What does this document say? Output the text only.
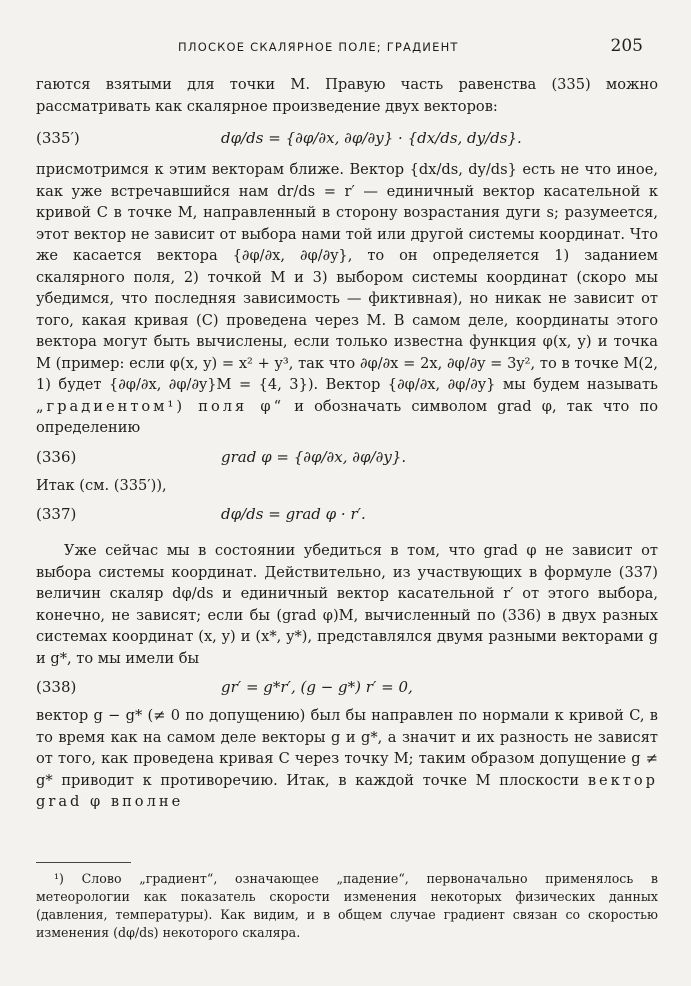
ПЛОСКОЕ СКАЛЯРНОЕ ПОЛЕ; ГРАДИЕНТ	205

гаются взятыми для точки M. Правую часть равенства (335) можно рассматривать как скалярное произведение двух векторов:

(335′)	dφ/ds = {∂φ/∂x, ∂φ/∂y} · {dx/ds, dy/ds}.

присмотримся к этим векторам ближе. Вектор {dx/ds, dy/ds} есть не что иное, как уже встречавшийся нам dr/ds = r′ — единичный вектор касательной к кривой C в точке M, направленный в сторону возрастания дуги s; разумеется, этот вектор не зависит от выбора нами той или другой системы координат. Что же касается вектора {∂φ/∂x, ∂φ/∂y}, то он определяется 1) заданием скалярного поля, 2) точкой M и 3) выбором системы координат (скоро мы убедимся, что последняя зависимость — фиктивная), но никак не зависит от того, какая кривая (C) проведена через M. В самом деле, координаты этого вектора могут быть вычислены, если только известна функция φ(x, y) и точка M (пример: если φ(x, y) = x² + y³, так что ∂φ/∂x = 2x, ∂φ/∂y = 3y², то в точке M(2, 1) будет {∂φ/∂x, ∂φ/∂y}M = {4, 3}). Вектор {∂φ/∂x, ∂φ/∂y} мы будем называть „градиентом¹) поля φ“ и обозначать символом grad φ, так что по определению

(336)	grad φ = {∂φ/∂x, ∂φ/∂y}.

Итак (см. (335′)),

(337)	dφ/ds = grad φ · r′.

Уже сейчас мы в состоянии убедиться в том, что grad φ не зависит от выбора системы координат. Действительно, из участвующих в формуле (337) величин скаляр dφ/ds и единичный вектор касательной r′ от этого выбора, конечно, не зависят; если бы (grad φ)M, вычисленный по (336) в двух разных системах координат (x, y) и (x*, y*), представлялся двумя разными векторами g и g*, то мы имели бы

(338)	gr′ = g*r′, (g − g*) r′ = 0,

вектор g − g* (≠ 0 по допущению) был бы направлен по нормали к кривой C, в то время как на самом деле векторы g и g*, а значит и их разность не зависят от того, как проведена кривая C через точку M; таким образом допущение g ≠ g* приводит к противоречию. Итак, в каждой точке M плоскости вектор grad φ вполне

¹) Слово „градиент“, означающее „падение“, первоначально применялось в метеорологии как показатель скорости изменения некоторых физических данных (давления, температуры). Как видим, и в общем случае градиент связан со скоростью изменения (dφ/ds) некоторого скаляра.
